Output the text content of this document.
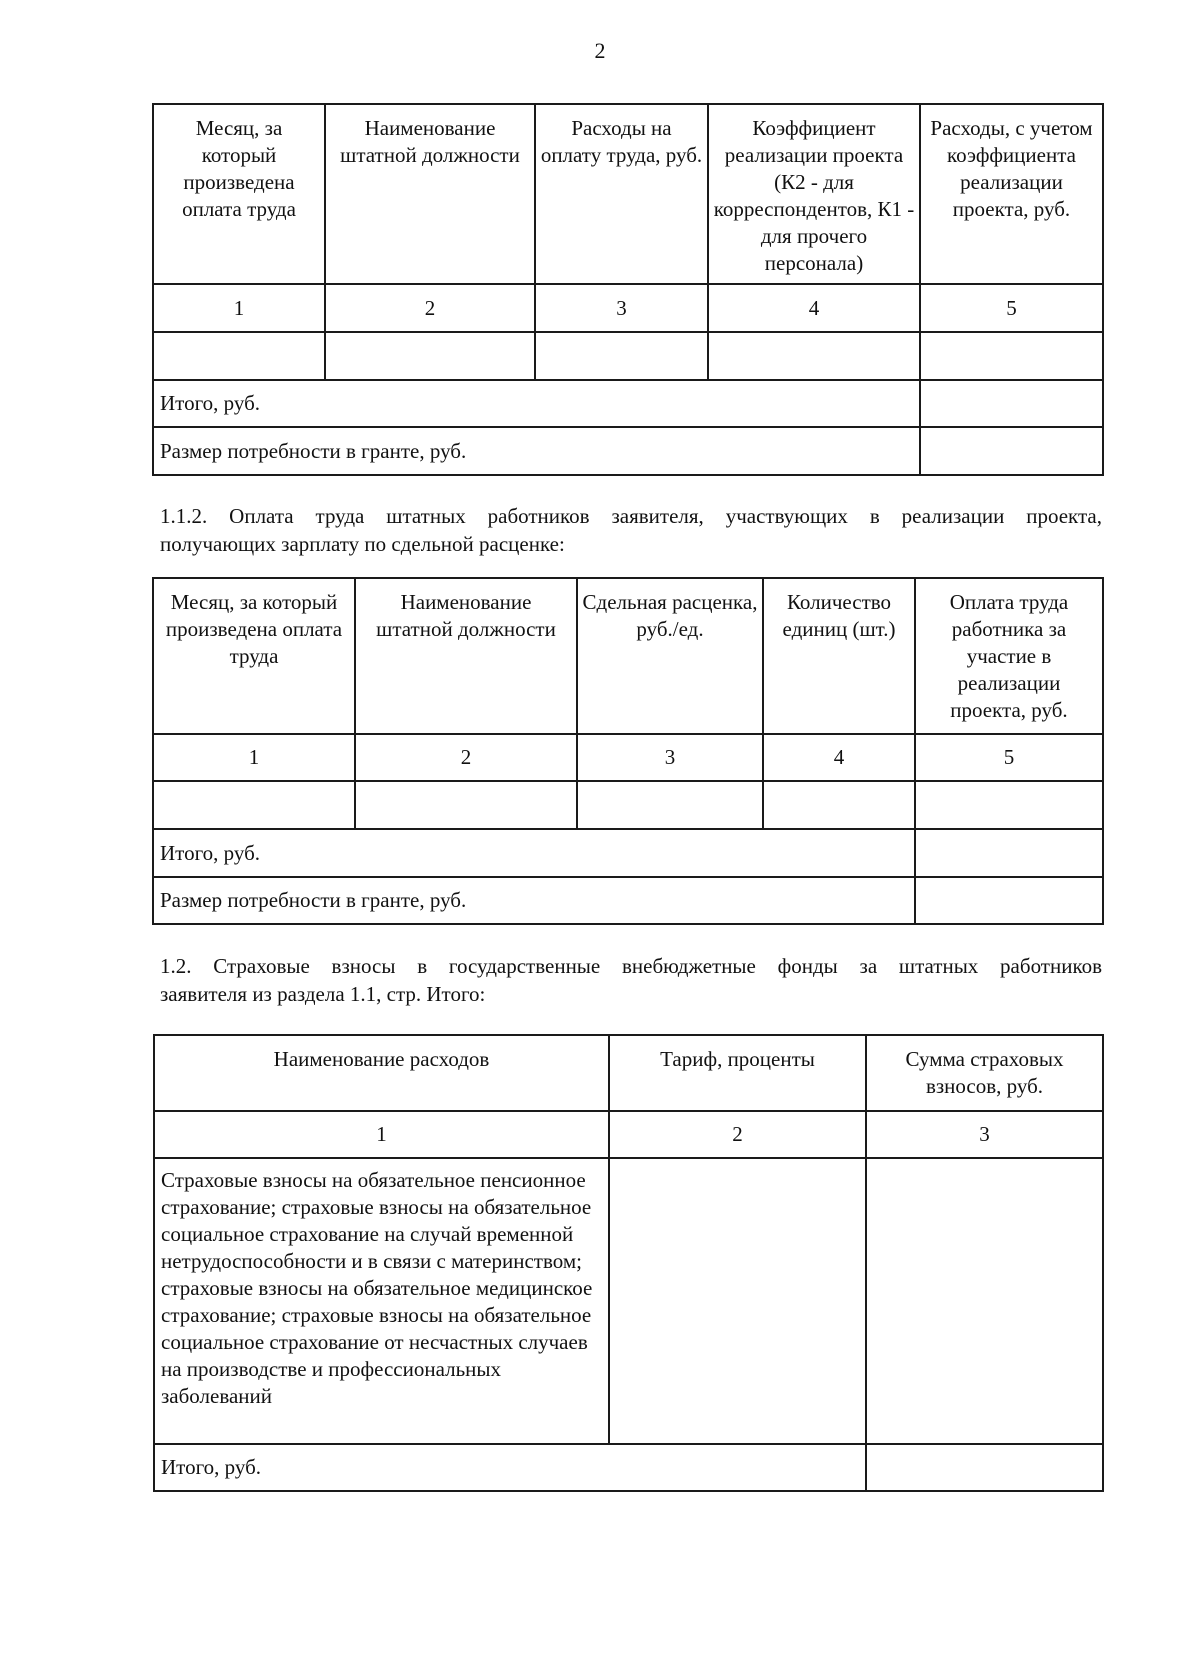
2
Месяц, за который произведена оплата труда	Наименование штатной должности	Расходы на оплату труда, руб.	Коэффициент реализации проекта (К2 - для корреспондентов, К1 - для прочего персонала)	Расходы, с учетом коэффициента реализации проекта, руб.
1	2	3	4	5

Итого, руб.				
Размер потребности в гранте, руб.				
1.1.2. Оплата труда штатных работников заявителя, участвующих в реализации проекта,
получающих зарплату по сдельной расценке:
Месяц, за который произведена оплата труда	Наименование штатной должности	Сдельная расценка, руб./ед.	Количество единиц (шт.)	Оплата труда работника за участие в реализации проекта, руб.
1	2	3	4	5

Итого, руб.				
Размер потребности в гранте, руб.				
1.2. Страховые взносы в государственные внебюджетные фонды за штатных работников
заявителя из раздела 1.1, стр. Итого:
Наименование расходов	Тариф, проценты	Сумма страховых взносов, руб.
1	2	3
Страховые взносы на обязательное пенсионное страхование; страховые взносы на обязательное социальное страхование на случай временной нетрудоспособности и в связи с материнством; страховые взносы на обязательное медицинское страхование; страховые взносы на обязательное социальное страхование от несчастных случаев на производстве и профессиональных заболеваний		
Итого, руб.		
